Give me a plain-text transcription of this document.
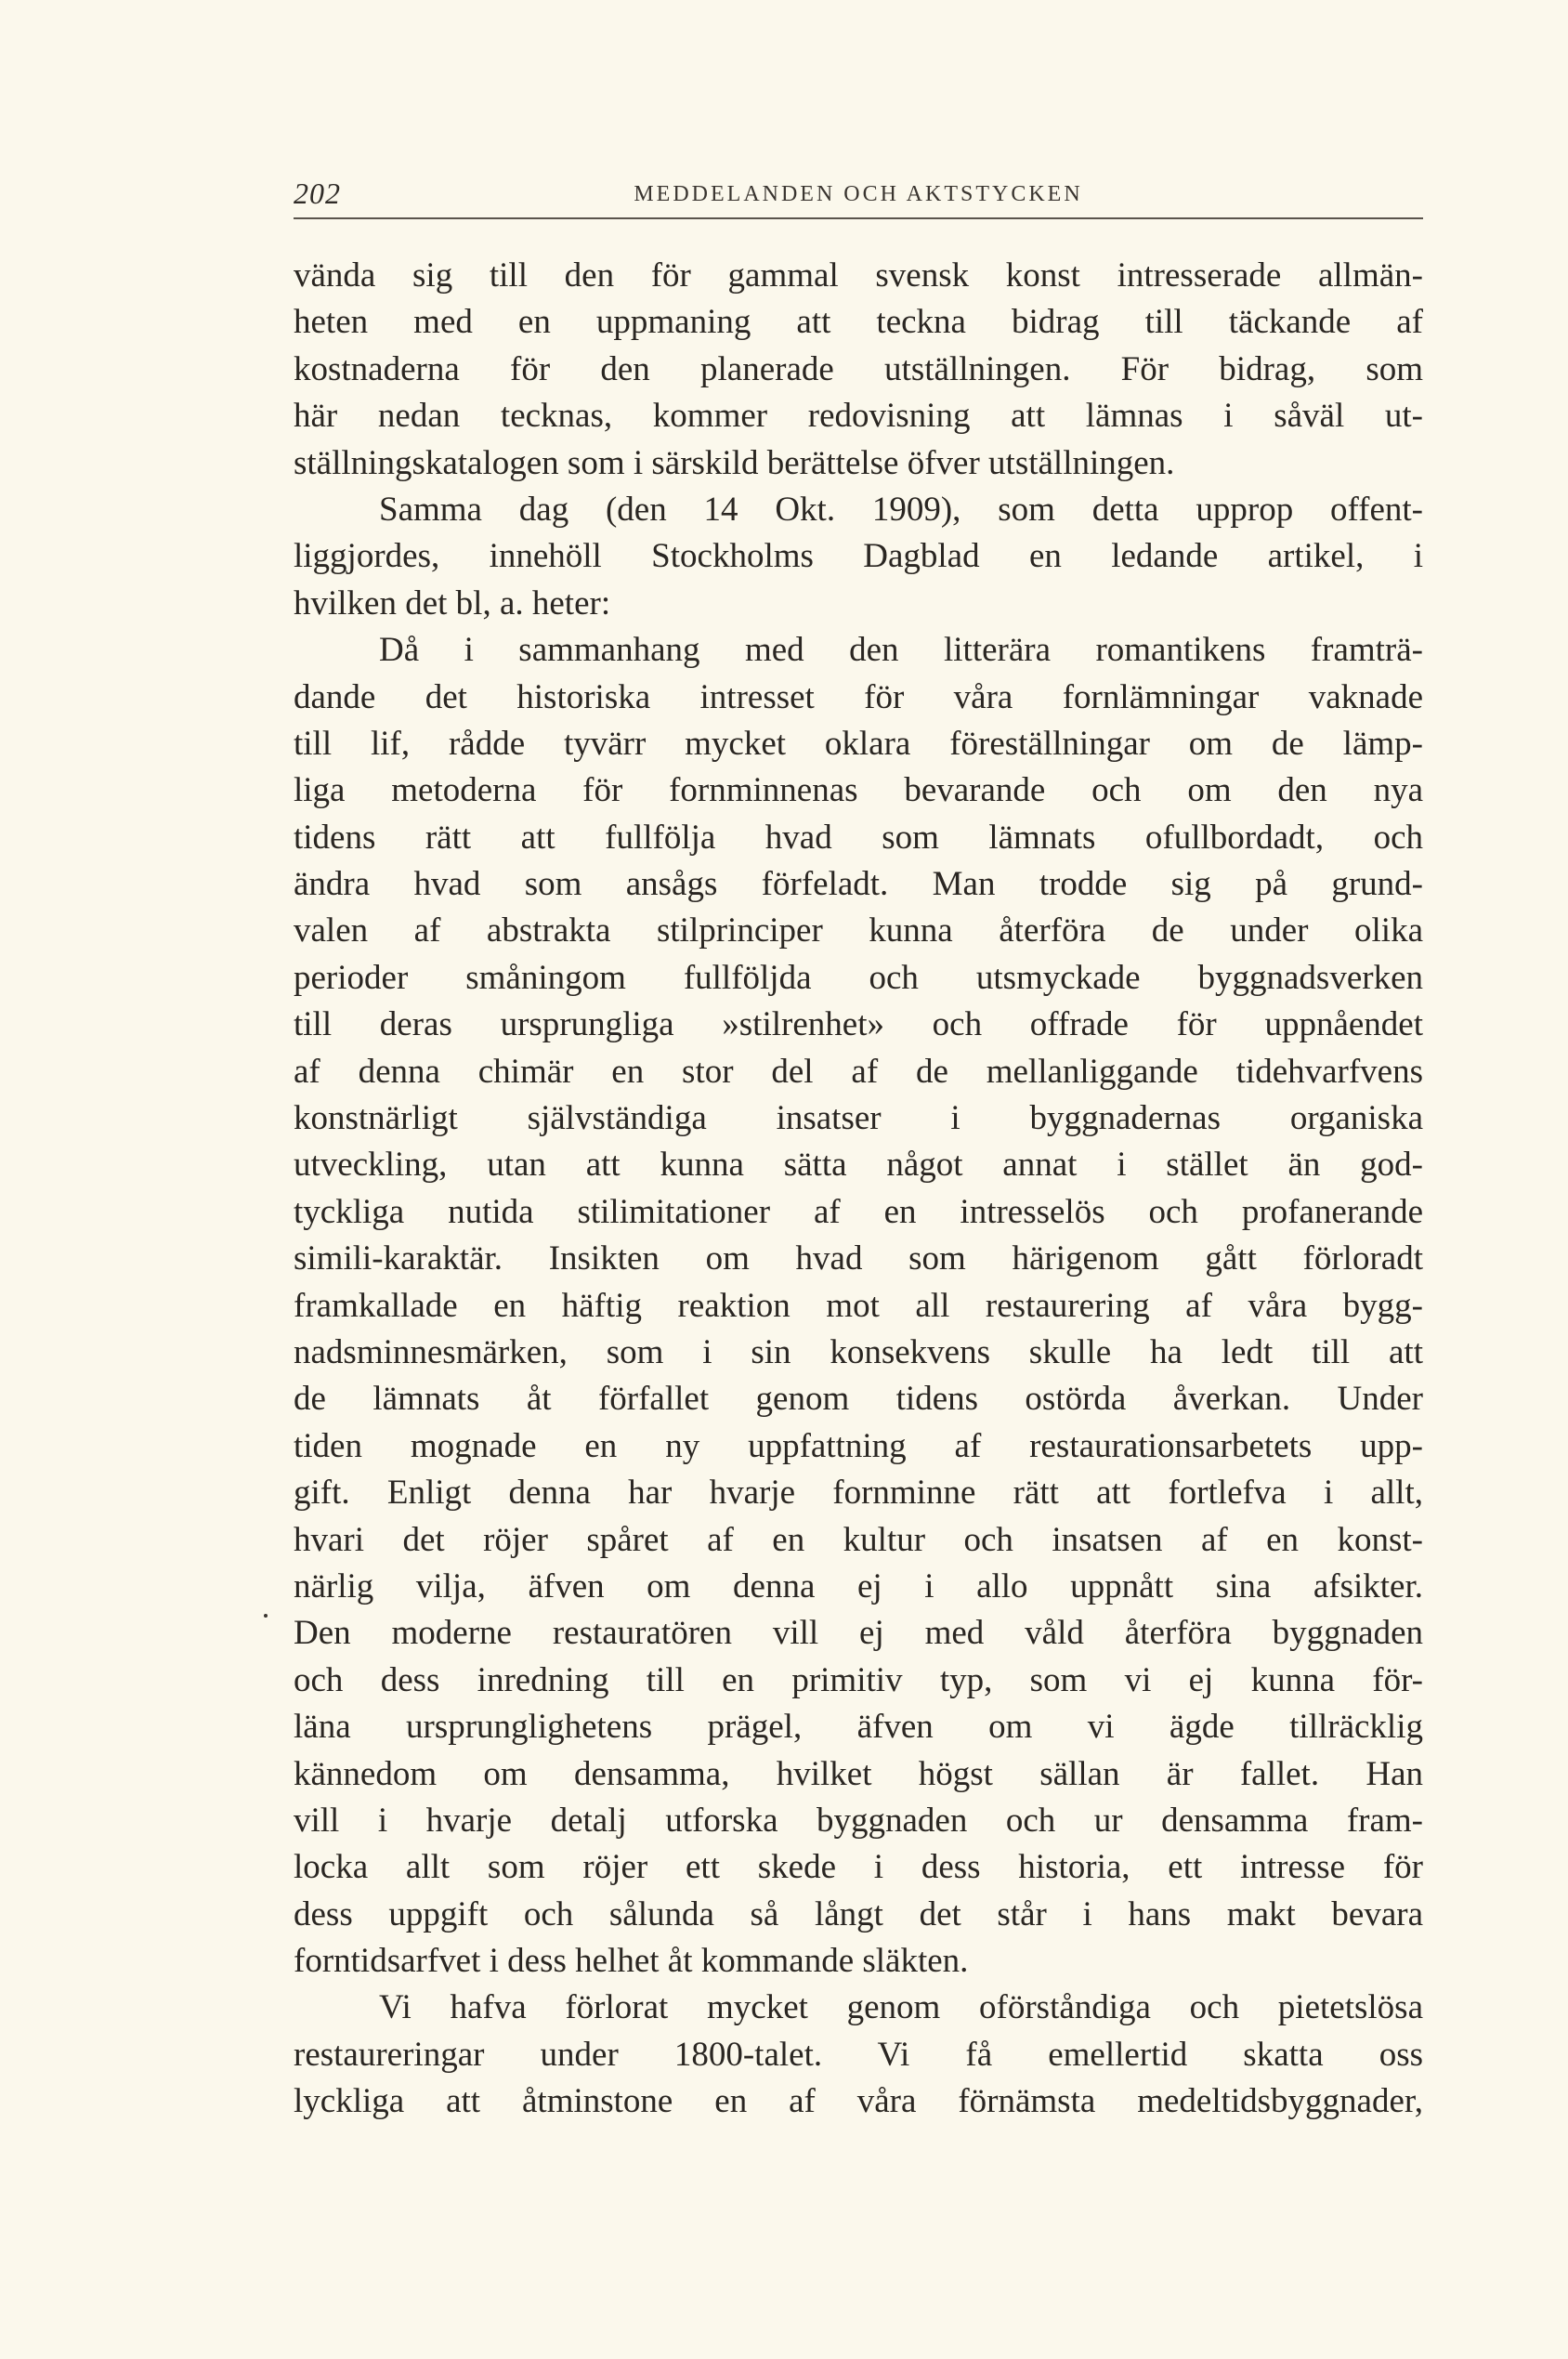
202	MEDDELANDEN OCH AKTSTYCKEN
vända sig till den för gammal svensk konst intresserade allmän-
heten med en uppmaning att teckna bidrag till täckande af
kostnaderna för den planerade utställningen. För bidrag, som
här nedan tecknas, kommer redovisning att lämnas i såväl ut-
ställningskatalogen som i särskild berättelse öfver utställningen.
Samma dag (den 14 Okt. 1909), som detta upprop offent-
liggjordes, innehöll Stockholms Dagblad en ledande artikel, i
hvilken det bl, a. heter:
Då i sammanhang med den litterära romantikens framträ-
dande det historiska intresset för våra fornlämningar vaknade
till lif, rådde tyvärr mycket oklara föreställningar om de lämp-
liga metoderna för fornminnenas bevarande och om den nya
tidens rätt att fullfölja hvad som lämnats ofullbordadt, och
ändra hvad som ansågs förfeladt. Man trodde sig på grund-
valen af abstrakta stilprinciper kunna återföra de under olika
perioder småningom fullföljda och utsmyckade byggnadsverken
till deras ursprungliga »stilrenhet» och offrade för uppnåendet
af denna chimär en stor del af de mellanliggande tidehvarfvens
konstnärligt självständiga insatser i byggnadernas organiska
utveckling, utan att kunna sätta något annat i stället än god-
tyckliga nutida stilimitationer af en intresselös och profanerande
simili-karaktär. Insikten om hvad som härigenom gått förloradt
framkallade en häftig reaktion mot all restaurering af våra bygg-
nadsminnesmärken, som i sin konsekvens skulle ha ledt till att
de lämnats åt förfallet genom tidens ostörda åverkan. Under
tiden mognade en ny uppfattning af restaurationsarbetets upp-
gift. Enligt denna har hvarje fornminne rätt att fortlefva i allt,
hvari det röjer spåret af en kultur och insatsen af en konst-
närlig vilja, äfven om denna ej i allo uppnått sina afsikter.
Den moderne restauratören vill ej med våld återföra byggnaden
och dess inredning till en primitiv typ, som vi ej kunna för-
läna ursprunglighetens prägel, äfven om vi ägde tillräcklig
kännedom om densamma, hvilket högst sällan är fallet. Han
vill i hvarje detalj utforska byggnaden och ur densamma fram-
locka allt som röjer ett skede i dess historia, ett intresse för
dess uppgift och sålunda så långt det står i hans makt bevara
forntidsarfvet i dess helhet åt kommande släkten.
Vi hafva förlorat mycket genom oförståndiga och pietetslösa
restaureringar under 1800-talet. Vi få emellertid skatta oss
lyckliga att åtminstone en af våra förnämsta medeltidsbyggnader,
